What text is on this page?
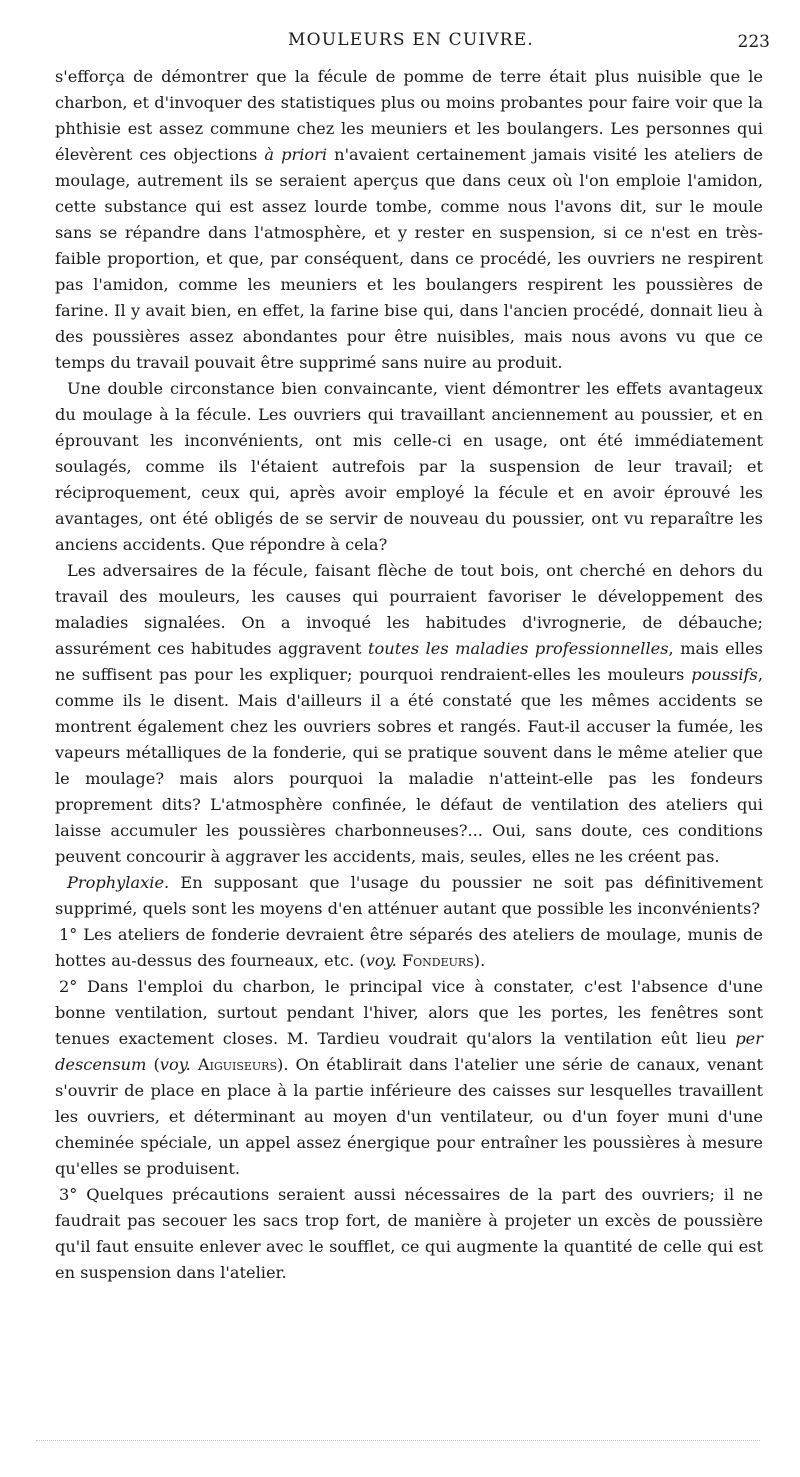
MOULEURS EN CUIVRE.	223

s'efforça de démontrer que la fécule de pomme de terre était plus nuisible que le charbon, et d'invoquer des statistiques plus ou moins probantes pour faire voir que la phthisie est assez commune chez les meuniers et les boulangers. Les personnes qui élevèrent ces objections à priori n'avaient certainement jamais visité les ateliers de moulage, autrement ils se seraient aperçus que dans ceux où l'on emploie l'amidon, cette substance qui est assez lourde tombe, comme nous l'avons dit, sur le moule sans se répandre dans l'atmosphère, et y rester en suspension, si ce n'est en très-faible proportion, et que, par conséquent, dans ce procédé, les ouvriers ne respirent pas l'amidon, comme les meuniers et les boulangers respirent les poussières de farine. Il y avait bien, en effet, la farine bise qui, dans l'ancien procédé, donnait lieu à des poussières assez abondantes pour être nuisibles, mais nous avons vu que ce temps du travail pouvait être supprimé sans nuire au produit.

Une double circonstance bien convaincante, vient démontrer les effets avantageux du moulage à la fécule. Les ouvriers qui travaillant anciennement au poussier, et en éprouvant les inconvénients, ont mis celle-ci en usage, ont été immédiatement soulagés, comme ils l'étaient autrefois par la suspension de leur travail; et réciproquement, ceux qui, après avoir employé la fécule et en avoir éprouvé les avantages, ont été obligés de se servir de nouveau du poussier, ont vu reparaître les anciens accidents. Que répondre à cela?

Les adversaires de la fécule, faisant flèche de tout bois, ont cherché en dehors du travail des mouleurs, les causes qui pourraient favoriser le développement des maladies signalées. On a invoqué les habitudes d'ivrognerie, de débauche; assurément ces habitudes aggravent toutes les maladies professionnelles, mais elles ne suffisent pas pour les expliquer; pourquoi rendraient-elles les mouleurs poussifs, comme ils le disent. Mais d'ailleurs il a été constaté que les mêmes accidents se montrent également chez les ouvriers sobres et rangés. Faut-il accuser la fumée, les vapeurs métalliques de la fonderie, qui se pratique souvent dans le même atelier que le moulage? mais alors pourquoi la maladie n'atteint-elle pas les fondeurs proprement dits? L'atmosphère confinée, le défaut de ventilation des ateliers qui laisse accumuler les poussières charbonneuses?... Oui, sans doute, ces conditions peuvent concourir à aggraver les accidents, mais, seules, elles ne les créent pas.

Prophylaxie. En supposant que l'usage du poussier ne soit pas définitivement supprimé, quels sont les moyens d'en atténuer autant que possible les inconvénients?

1° Les ateliers de fonderie devraient être séparés des ateliers de moulage, munis de hottes au-dessus des fourneaux, etc. (voy. Fondeurs).

2° Dans l'emploi du charbon, le principal vice à constater, c'est l'absence d'une bonne ventilation, surtout pendant l'hiver, alors que les portes, les fenêtres sont tenues exactement closes. M. Tardieu voudrait qu'alors la ventilation eût lieu per descensum (voy. Aiguiseurs). On établirait dans l'atelier une série de canaux, venant s'ouvrir de place en place à la partie inférieure des caisses sur lesquelles travaillent les ouvriers, et déterminant au moyen d'un ventilateur, ou d'un foyer muni d'une cheminée spéciale, un appel assez énergique pour entraîner les poussières à mesure qu'elles se produisent.

3° Quelques précautions seraient aussi nécessaires de la part des ouvriers; il ne faudrait pas secouer les sacs trop fort, de manière à projeter un excès de poussière qu'il faut ensuite enlever avec le soufflet, ce qui augmente la quantité de celle qui est en suspension dans l'atelier.
